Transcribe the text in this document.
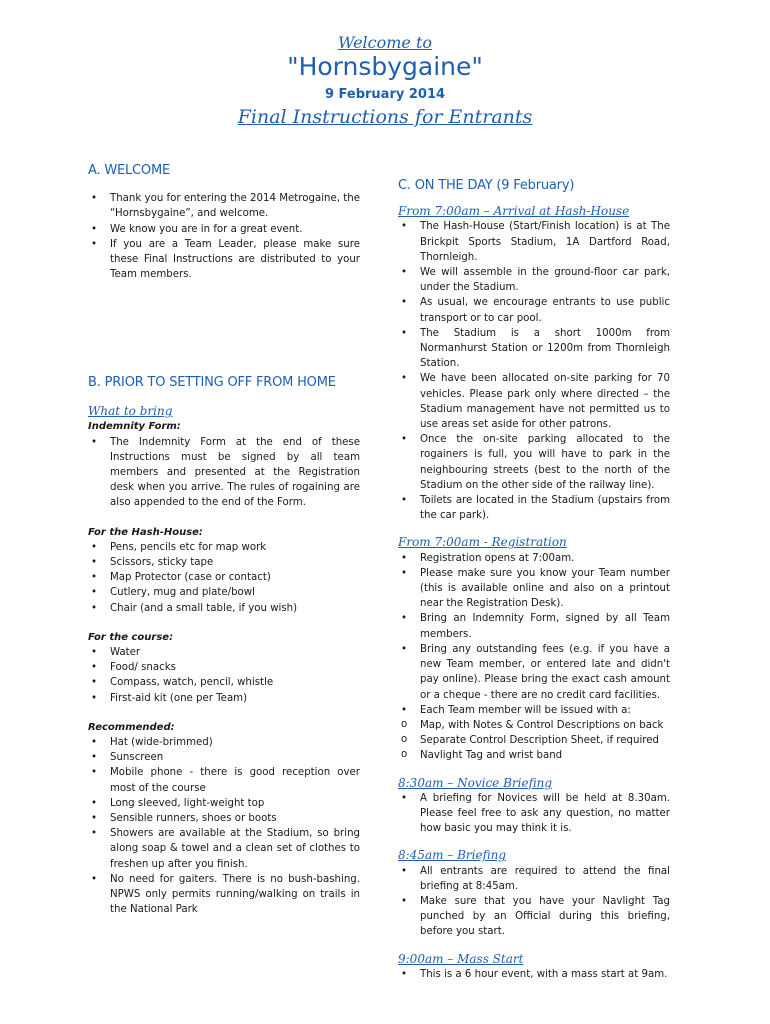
Welcome to
"Hornsbygaine"
9 February 2014
Final Instructions for Entrants
A. WELCOME
• Thank you for entering the 2014 Metrogaine, the “Hornsbygaine”, and welcome.
• We know you are in for a great event.
• If you are a Team Leader, please make sure these Final Instructions are distributed to your Team members.
B. PRIOR TO SETTING OFF FROM HOME
What to bring
Indemnity Form:
• The Indemnity Form at the end of these Instructions must be signed by all team members and presented at the Registration desk when you arrive. The rules of rogaining are also appended to the end of the Form.
For the Hash-House:
• Pens, pencils etc for map work
• Scissors, sticky tape
• Map Protector (case or contact)
• Cutlery, mug and plate/bowl
• Chair (and a small table, if you wish)
For the course:
• Water
• Food/ snacks
• Compass, watch, pencil, whistle
• First-aid kit (one per Team)
Recommended:
• Hat (wide-brimmed)
• Sunscreen
• Mobile phone - there is good reception over most of the course
• Long sleeved, light-weight top
• Sensible runners, shoes or boots
• Showers are available at the Stadium, so bring along soap & towel and a clean set of clothes to freshen up after you finish.
• No need for gaiters. There is no bush-bashing. NPWS only permits running/walking on trails in the National Park
C. ON THE DAY (9 February)
From 7:00am – Arrival at Hash-House
• The Hash-House (Start/Finish location) is at The Brickpit Sports Stadium, 1A Dartford Road, Thornleigh.
• We will assemble in the ground-floor car park, under the Stadium.
• As usual, we encourage entrants to use public transport or to car pool.
• The Stadium is a short 1000m from Normanhurst Station or 1200m from Thornleigh Station.
• We have been allocated on-site parking for 70 vehicles. Please park only where directed – the Stadium management have not permitted us to use areas set aside for other patrons.
• Once the on-site parking allocated to the rogainers is full, you will have to park in the neighbouring streets (best to the north of the Stadium on the other side of the railway line).
• Toilets are located in the Stadium (upstairs from the car park).
From 7:00am - Registration
• Registration opens at 7:00am.
• Please make sure you know your Team number (this is available online and also on a printout near the Registration Desk).
• Bring an Indemnity Form, signed by all Team members.
• Bring any outstanding fees (e.g. if you have a new Team member, or entered late and didn't pay online). Please bring the exact cash amount or a cheque - there are no credit card facilities.
• Each Team member will be issued with a:
o Map, with Notes & Control Descriptions on back
o Separate Control Description Sheet, if required
o Navlight Tag and wrist band
8:30am – Novice Briefing
• A briefing for Novices will be held at 8.30am. Please feel free to ask any question, no matter how basic you may think it is.
8:45am – Briefing
• All entrants are required to attend the final briefing at 8:45am.
• Make sure that you have your Navlight Tag punched by an Official during this briefing, before you start.
9:00am – Mass Start
• This is a 6 hour event, with a mass start at 9am.
